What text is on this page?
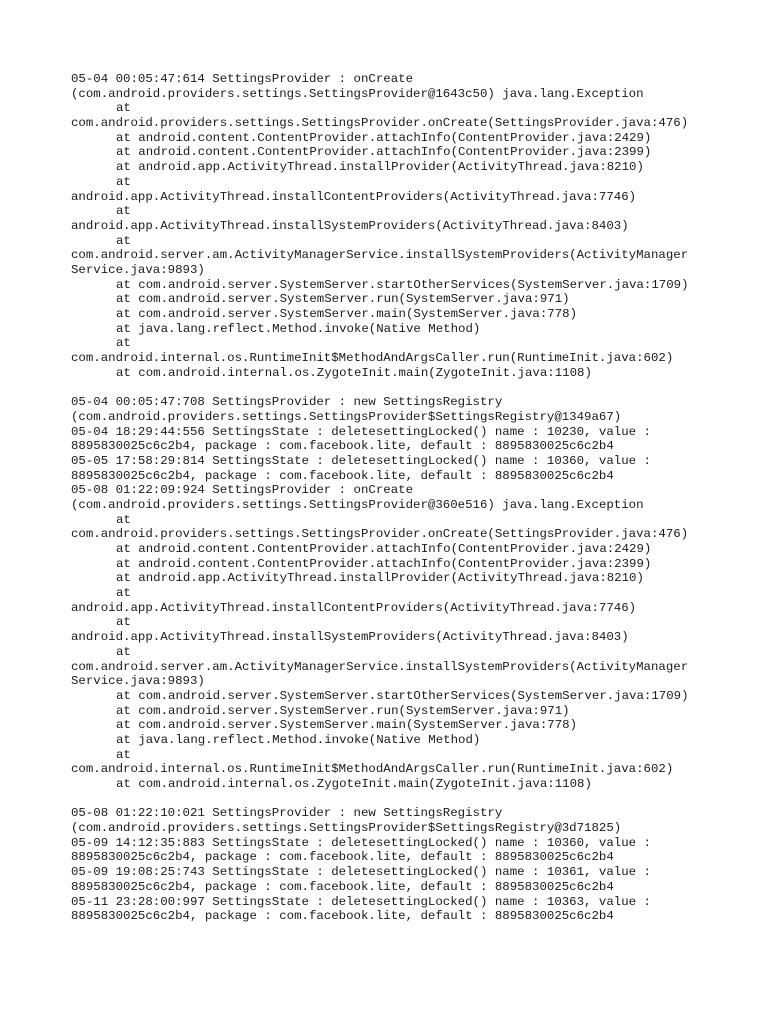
05-04 00:05:47:614 SettingsProvider : onCreate
(com.android.providers.settings.SettingsProvider@1643c50) java.lang.Exception
at
com.android.providers.settings.SettingsProvider.onCreate(SettingsProvider.java:476)
at android.content.ContentProvider.attachInfo(ContentProvider.java:2429)
at android.content.ContentProvider.attachInfo(ContentProvider.java:2399)
at android.app.ActivityThread.installProvider(ActivityThread.java:8210)
at
android.app.ActivityThread.installContentProviders(ActivityThread.java:7746)
at
android.app.ActivityThread.installSystemProviders(ActivityThread.java:8403)
at
com.android.server.am.ActivityManagerService.installSystemProviders(ActivityManager
Service.java:9893)
at com.android.server.SystemServer.startOtherServices(SystemServer.java:1709)
at com.android.server.SystemServer.run(SystemServer.java:971)
at com.android.server.SystemServer.main(SystemServer.java:778)
at java.lang.reflect.Method.invoke(Native Method)
at
com.android.internal.os.RuntimeInit$MethodAndArgsCaller.run(RuntimeInit.java:602)
at com.android.internal.os.ZygoteInit.main(ZygoteInit.java:1108)
05-04 00:05:47:708 SettingsProvider : new SettingsRegistry
(com.android.providers.settings.SettingsProvider$SettingsRegistry@1349a67)
05-04 18:29:44:556 SettingsState : deletesettingLocked() name : 10230, value :
8895830025c6c2b4, package : com.facebook.lite, default : 8895830025c6c2b4
05-05 17:58:29:814 SettingsState : deletesettingLocked() name : 10360, value :
8895830025c6c2b4, package : com.facebook.lite, default : 8895830025c6c2b4
05-08 01:22:09:924 SettingsProvider : onCreate
(com.android.providers.settings.SettingsProvider@360e516) java.lang.Exception
at
com.android.providers.settings.SettingsProvider.onCreate(SettingsProvider.java:476)
at android.content.ContentProvider.attachInfo(ContentProvider.java:2429)
at android.content.ContentProvider.attachInfo(ContentProvider.java:2399)
at android.app.ActivityThread.installProvider(ActivityThread.java:8210)
at
android.app.ActivityThread.installContentProviders(ActivityThread.java:7746)
at
android.app.ActivityThread.installSystemProviders(ActivityThread.java:8403)
at
com.android.server.am.ActivityManagerService.installSystemProviders(ActivityManager
Service.java:9893)
at com.android.server.SystemServer.startOtherServices(SystemServer.java:1709)
at com.android.server.SystemServer.run(SystemServer.java:971)
at com.android.server.SystemServer.main(SystemServer.java:778)
at java.lang.reflect.Method.invoke(Native Method)
at
com.android.internal.os.RuntimeInit$MethodAndArgsCaller.run(RuntimeInit.java:602)
at com.android.internal.os.ZygoteInit.main(ZygoteInit.java:1108)
05-08 01:22:10:021 SettingsProvider : new SettingsRegistry
(com.android.providers.settings.SettingsProvider$SettingsRegistry@3d71825)
05-09 14:12:35:883 SettingsState : deletesettingLocked() name : 10360, value :
8895830025c6c2b4, package : com.facebook.lite, default : 8895830025c6c2b4
05-09 19:08:25:743 SettingsState : deletesettingLocked() name : 10361, value :
8895830025c6c2b4, package : com.facebook.lite, default : 8895830025c6c2b4
05-11 23:28:00:997 SettingsState : deletesettingLocked() name : 10363, value :
8895830025c6c2b4, package : com.facebook.lite, default : 8895830025c6c2b4
